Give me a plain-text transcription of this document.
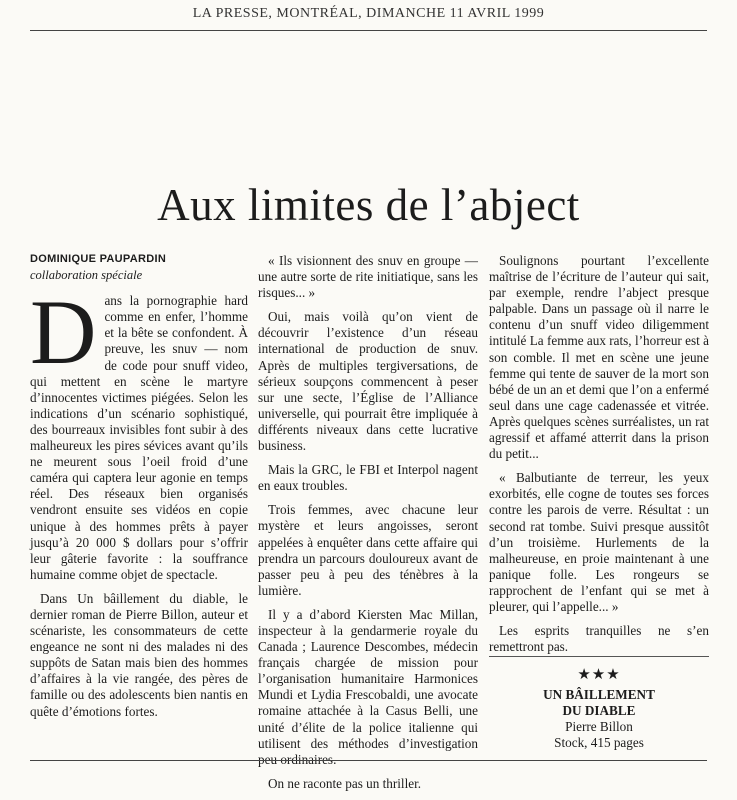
LA PRESSE, MONTRÉAL, DIMANCHE 11 AVRIL 1999
Aux limites de l’abject
DOMINIQUE PAUPARDIN
collaboration spéciale

Dans la pornographie hard comme en enfer, l’homme et la bête se confondent. À preuve, les snuv — nom de code pour snuff video, qui mettent en scène le martyre d’innocentes victimes piégées. Selon les indications d’un scénario sophistiqué, des bourreaux invisibles font subir à des malheureux les pires sévices avant qu’ils ne meurent sous l’oeil froid d’une caméra qui captera leur agonie en temps réel. Des réseaux bien organisés vendront ensuite ses vidéos en copie unique à des hommes prêts à payer jusqu’à 20 000 $ dollars pour s’offrir leur gâterie favorite : la souffrance humaine comme objet de spectacle.

Dans Un bâillement du diable, le dernier roman de Pierre Billon, auteur et scénariste, les consommateurs de cette engeance ne sont ni des malades ni des suppôts de Satan mais bien des hommes d’affaires à la vie rangée, des pères de famille ou des adolescents bien nantis en quête d’émotions fortes.

« Ils visionnent des snuv en groupe — une autre sorte de rite initiatique, sans les risques... »

Oui, mais voilà qu’on vient de découvrir l’existence d’un réseau international de production de snuv. Après de multiples tergiversations, de sérieux soupçons commencent à peser sur une secte, l’Église de l’Alliance universelle, qui pourrait être impliquée à différents niveaux dans cette lucrative business.

Mais la GRC, le FBI et Interpol nagent en eaux troubles.

Trois femmes, avec chacune leur mystère et leurs angoisses, seront appelées à enquêter dans cette affaire qui prendra un parcours douloureux avant de passer peu à peu des ténèbres à la lumière.

Il y a d’abord Kiersten Mac Millan, inspecteur à la gendarmerie royale du Canada ; Laurence Descombes, médecin français chargée de mission pour l’organisation humanitaire Harmonices Mundi et Lydia Frescobaldi, une avocate romaine attachée à la Casus Belli, une unité d’élite de la police italienne qui utilisent des méthodes d’investigation peu ordinaires.

On ne raconte pas un thriller.

Soulignons pourtant l’excellente maîtrise de l’écriture de l’auteur qui sait, par exemple, rendre l’abject presque palpable. Dans un passage où il narre le contenu d’un snuff video diligemment intitulé La femme aux rats, l’horreur est à son comble. Il met en scène une jeune femme qui tente de sauver de la mort son bébé de un an et demi que l’on a enfermé seul dans une cage cadenassée et vitrée. Après quelques scènes surréalistes, un rat agressif et affamé atterrit dans la prison du petit...

« Balbutiante de terreur, les yeux exorbités, elle cogne de toutes ses forces contre les parois de verre. Résultat : un second rat tombe. Suivi presque aussitôt d’un troisième. Hurlements de la malheureuse, en proie maintenant à une panique folle. Les rongeurs se rapprochent de l’enfant qui se met à pleurer, qui l’appelle... »

Les esprits tranquilles ne s’en remettront pas.

★★★
UN BÂILLEMENT
DU DIABLE
Pierre Billon
Stock, 415 pages
